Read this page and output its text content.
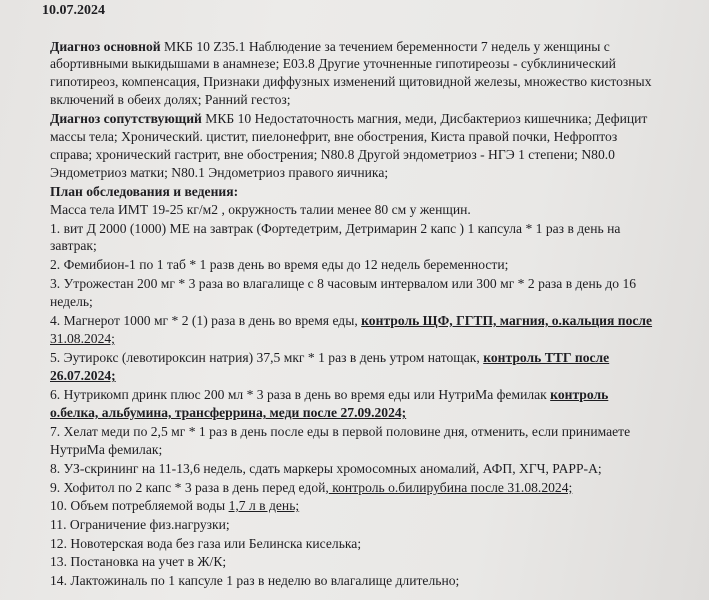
10.07.2024
Диагноз основной МКБ 10 Z35.1 Наблюдение за течением беременности 7 недель у женщины с
абортивными выкидышами в анамнезе; E03.8 Другие уточненные гипотиреозы - субклинический
гипотиреоз, компенсация, Признаки диффузных изменений щитовидной железы, множество кистозных
включений в обеих долях; Ранний гестоз;
Диагноз сопутствующий МКБ 10 Недостаточность магния, меди, Дисбактериоз кишечника; Дефицит
массы тела; Хронический. цистит, пиелонефрит, вне обострения, Киста правой почки, Нефроптоз
справа; хронический гастрит, вне обострения; N80.8 Другой эндометриоз - НГЭ 1 степени; N80.0
Эндометриоз матки; N80.1 Эндометриоз правого яичника;
План обследования и ведения:
Масса тела ИМТ 19-25 кг/м2 , окружность талии менее 80 см у женщин.
1. вит Д 2000 (1000) МЕ на завтрак (Фортедетрим, Детримарин 2 капс ) 1 капсула * 1 раз в день на
завтрак;
2. Фемибион-1 по 1 таб * 1 разв день во время еды до 12 недель беременности;
3. Утрожестан 200 мг * 3 раза во влагалище с 8 часовым интервалом или 300 мг * 2 раза в день до 16
недель;
4. Магнерот 1000 мг * 2 (1) раза в день во время еды, контроль ЩФ, ГГТП, магния, о.кальция после
31.08.2024;
5. Эутирокс (левотироксин натрия) 37,5 мкг * 1 раз в день утром натощак, контроль ТТГ после
26.07.2024;
6. Нутрикомп дринк плюс 200 мл * 3 раза в день во время еды или НутриМа фемилак контроль
о.белка, альбумина, трансферрина, меди после 27.09.2024;
7. Хелат меди по 2,5 мг * 1 раз в день после еды в первой половине дня, отменить, если принимаете
НутриМа фемилак;
8. УЗ-скрининг на 11-13,6 недель, сдать маркеры хромосомных аномалий, АФП, ХГЧ, PAPP-A;
9. Хофитол по 2 капс * 3 раза в день перед едой, контроль о.билирубина после 31.08.2024;
10. Объем потребляемой воды 1,7 л в день;
11. Ограничение физ.нагрузки;
12. Новотерская вода без газа или Белинска киселька;
13. Постановка на учет в Ж/К;
14. Лактожиналь по 1 капсуле 1 раз в неделю во влагалище длительно;
